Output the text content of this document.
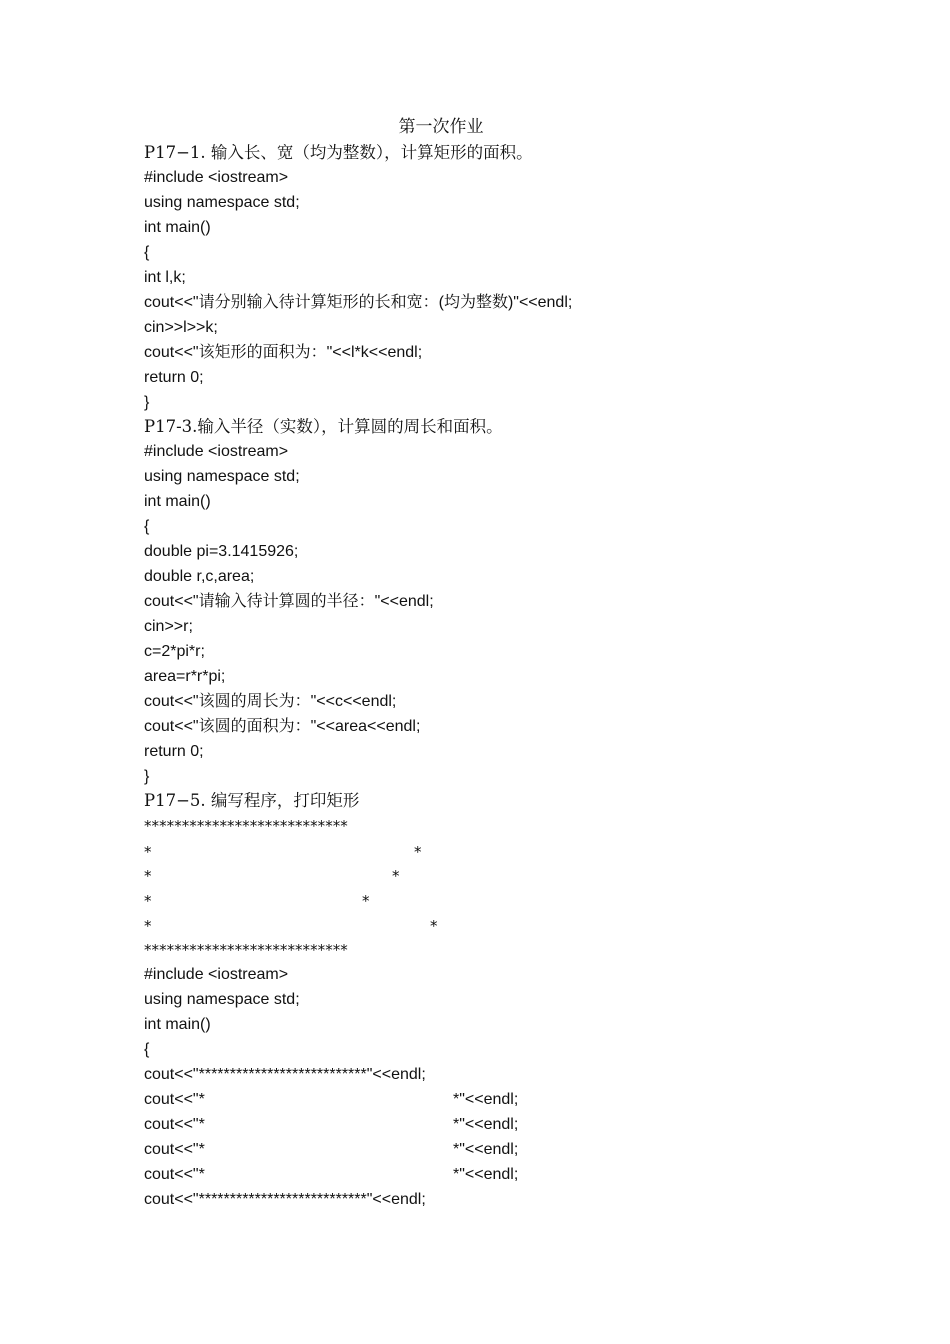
第一次作业
P17−1. 输入长、宽（均为整数），计算矩形的面积。
#include <iostream>
using namespace std;
int main()
{
int l,k;
cout<<"请分别输入待计算矩形的长和宽：(均为整数)"<<endl;
cin>>l>>k;
cout<<"该矩形的面积为："<<l*k<<endl;
return 0;
}
P17-3.输入半径（实数），计算圆的周长和面积。
#include <iostream>
using namespace std;
int main()
{
double pi=3.1415926;
double r,c,area;
cout<<"请输入待计算圆的半径："<<endl;
cin>>r;
c=2*pi*r;
area=r*r*pi;
cout<<"该圆的周长为："<<c<<endl;
cout<<"该圆的面积为："<<area<<endl;
return 0;
}
P17−5. 编写程序，打印矩形
***************************
*	*
*	*
*	*
*	*
***************************
#include <iostream>
using namespace std;
int main()
{
cout<<"***************************"<<endl;
cout<<"*	*"<<endl;
cout<<"*	*"<<endl;
cout<<"*	*"<<endl;
cout<<"*	*"<<endl;
cout<<"***************************"<<endl;
